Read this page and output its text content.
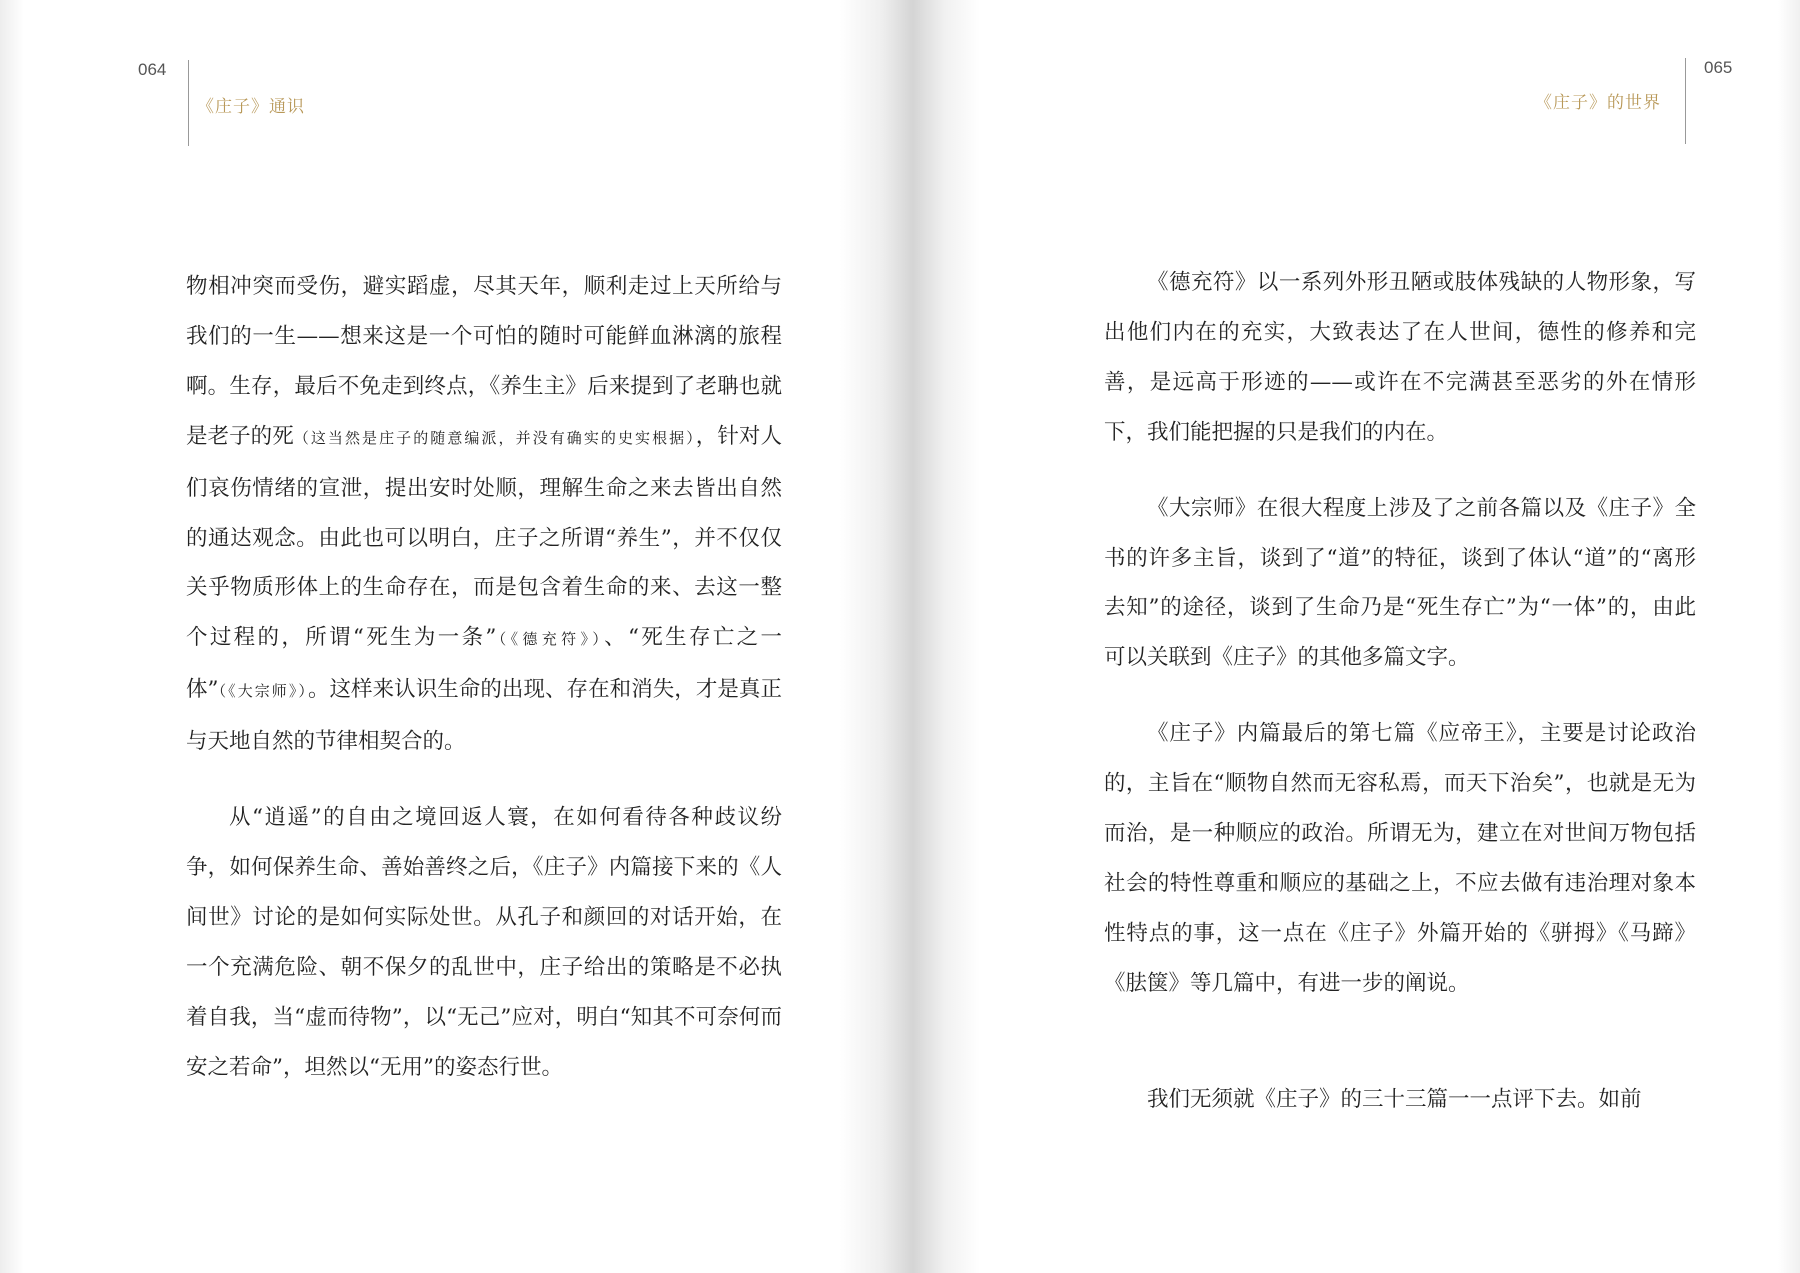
064
《庄子》通识

物相冲突而受伤，避实蹈虚，尽其天年，顺利走过上天所给与我们的一生——想来这是一个可怕的随时可能鲜血淋漓的旅程啊。生存，最后不免走到终点，《养生主》后来提到了老聃也就是老子的死（这当然是庄子的随意编派，并没有确实的史实根据），针对人们哀伤情绪的宣泄，提出安时处顺，理解生命之来去皆出自然的通达观念。由此也可以明白，庄子之所谓“养生”，并不仅仅关乎物质形体上的生命存在，而是包含着生命的来、去这一整个过程的，所谓“死生为一条”（《德充符》）、“死生存亡之一体”（《大宗师》）。这样来认识生命的出现、存在和消失，才是真正与天地自然的节律相契合的。

从“逍遥”的自由之境回返人寰，在如何看待各种歧议纷争，如何保养生命、善始善终之后，《庄子》内篇接下来的《人间世》讨论的是如何实际处世。从孔子和颜回的对话开始，在一个充满危险、朝不保夕的乱世中，庄子给出的策略是不必执着自我，当“虚而待物”，以“无己”应对，明白“知其不可奈何而安之若命”，坦然以“无用”的姿态行世。

065
《庄子》的世界

《德充符》以一系列外形丑陋或肢体残缺的人物形象，写出他们内在的充实，大致表达了在人世间，德性的修养和完善，是远高于形迹的——或许在不完满甚至恶劣的外在情形下，我们能把握的只是我们的内在。

《大宗师》在很大程度上涉及了之前各篇以及《庄子》全书的许多主旨，谈到了“道”的特征，谈到了体认“道”的“离形去知”的途径，谈到了生命乃是“死生存亡”为“一体”的，由此可以关联到《庄子》的其他多篇文字。

《庄子》内篇最后的第七篇《应帝王》，主要是讨论政治的，主旨在“顺物自然而无容私焉，而天下治矣”，也就是无为而治，是一种顺应的政治。所谓无为，建立在对世间万物包括社会的特性尊重和顺应的基础之上，不应去做有违治理对象本性特点的事，这一点在《庄子》外篇开始的《骈拇》《马蹄》《胠箧》等几篇中，有进一步的阐说。

我们无须就《庄子》的三十三篇一一点评下去。如前
